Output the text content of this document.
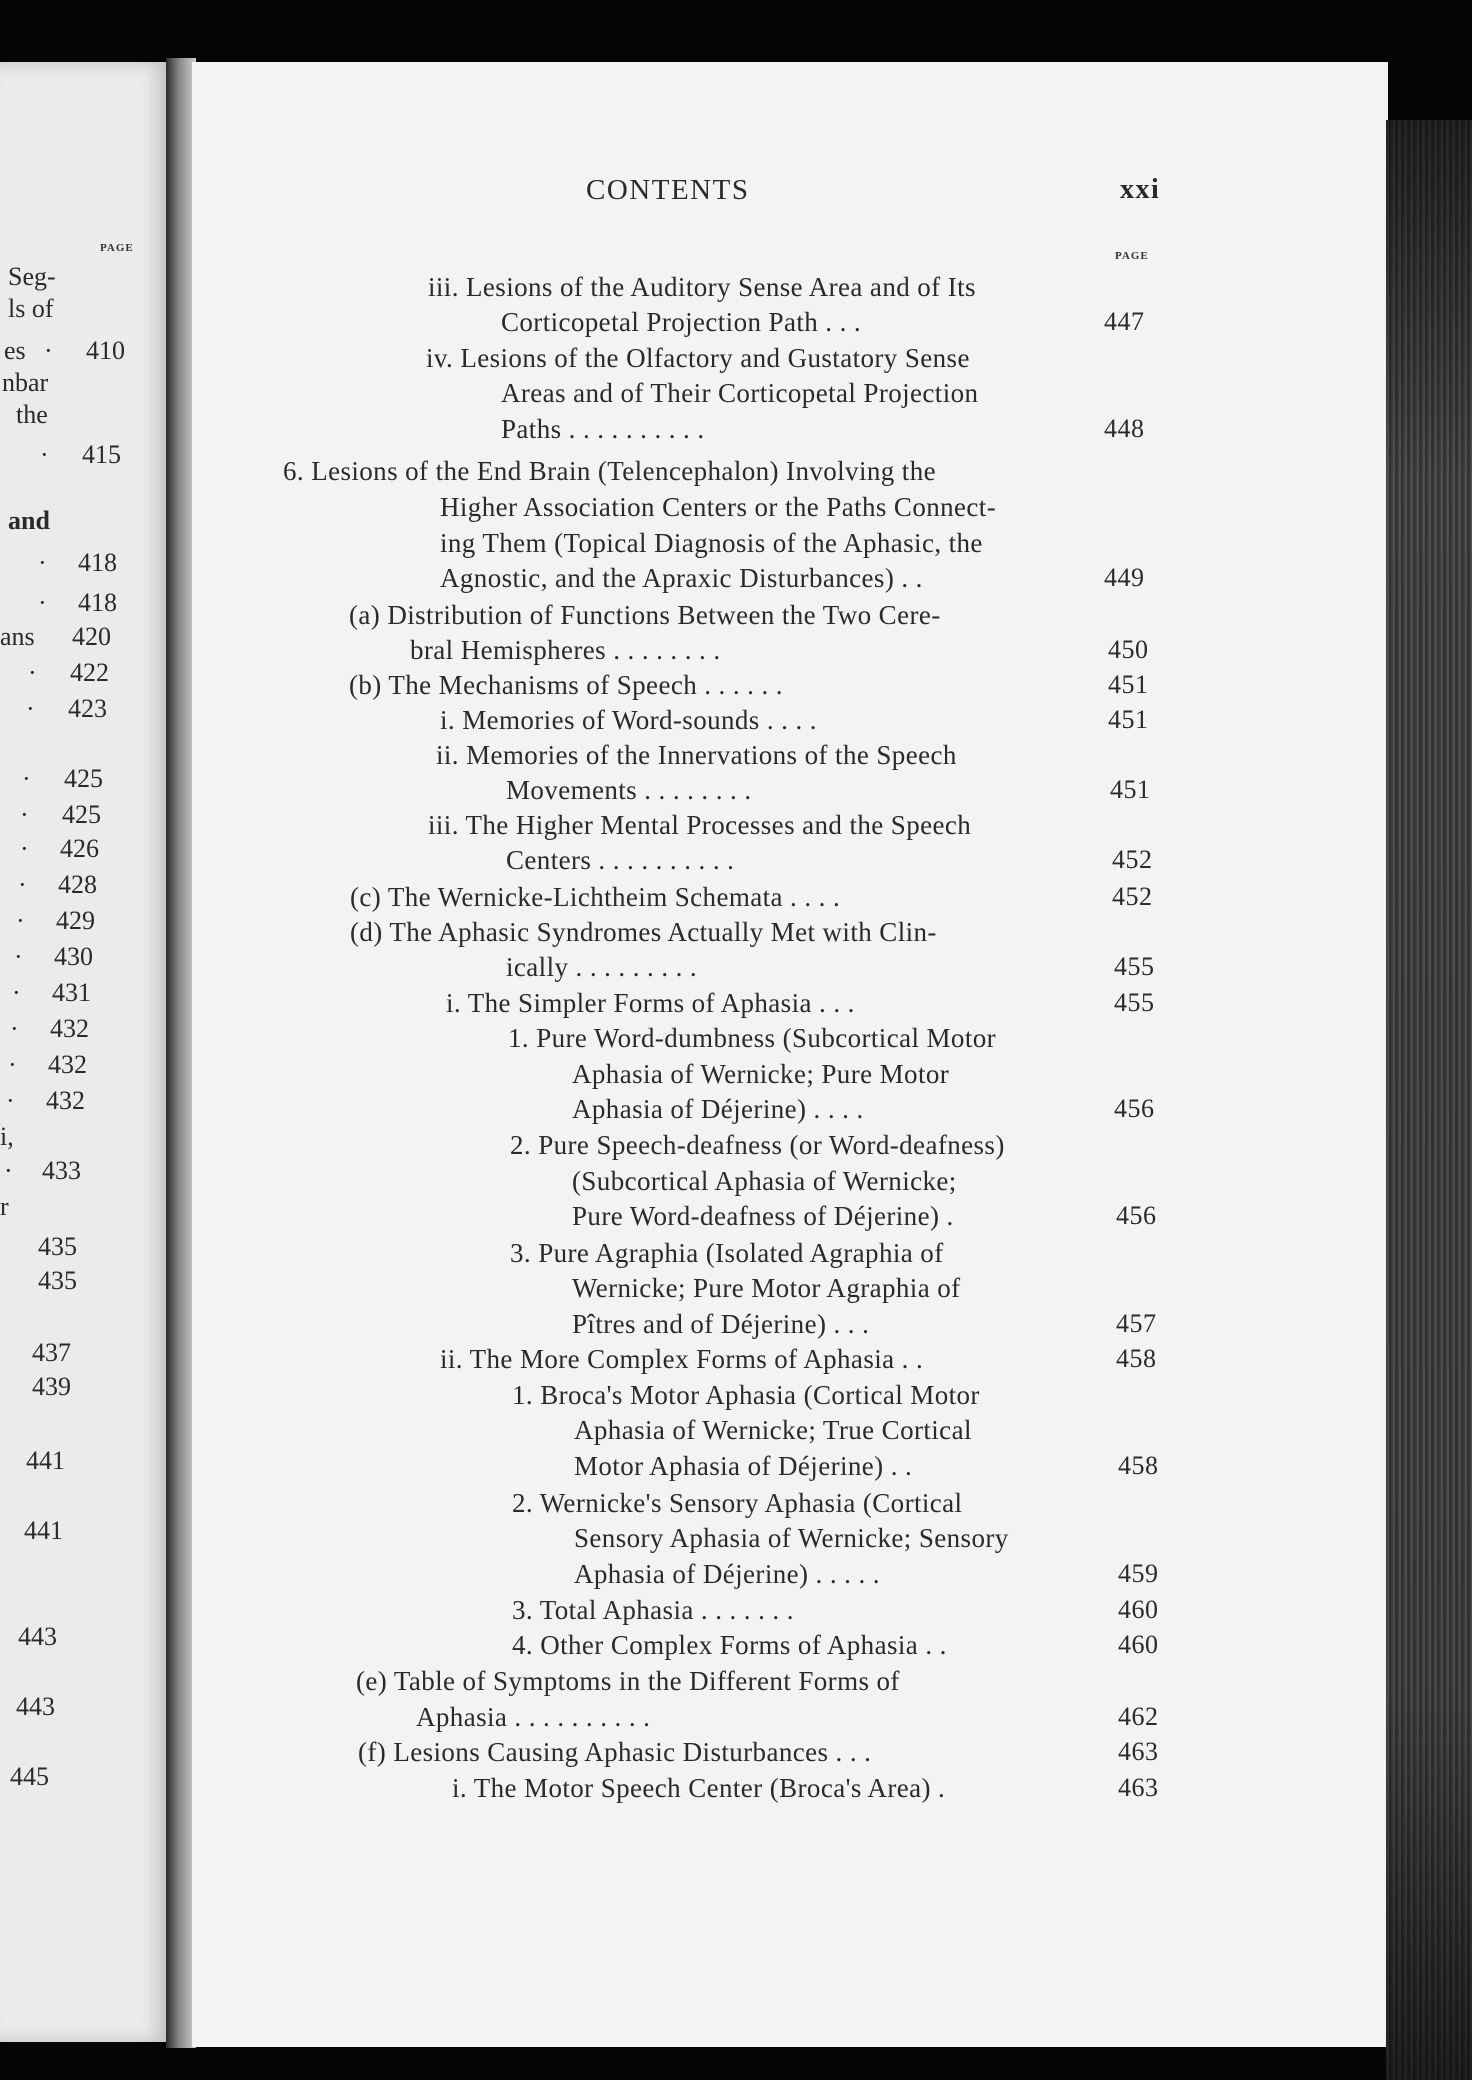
PAGE
Seg-
ls of
es · 410
nbar
the
· 415
and
· 418
· 418
ans 420
· 422
· 423
· 425
· 425
· 426
· 428
· 429
· 430
· 431
· 432
· 432
· 432
i,
· 433
r
435
435
437
439
441
441
443
443
445
CONTENTS	xxi
PAGE
iii. Lesions of the Auditory Sense Area and of Its
Corticopetal Projection Path . . .	447
iv. Lesions of the Olfactory and Gustatory Sense
Areas and of Their Corticopetal Projection
Paths . . . . . . . . . .	448
6. Lesions of the End Brain (Telencephalon) Involving the
Higher Association Centers or the Paths Connect-
ing Them (Topical Diagnosis of the Aphasic, the
Agnostic, and the Apraxic Disturbances) . .	449
(a) Distribution of Functions Between the Two Cere-
bral Hemispheres . . . . . . . .	450
(b) The Mechanisms of Speech . . . . . .	451
i. Memories of Word-sounds . . . .	451
ii. Memories of the Innervations of the Speech
Movements . . . . . . . .	451
iii. The Higher Mental Processes and the Speech
Centers . . . . . . . . . .	452
(c) The Wernicke-Lichtheim Schemata . . . .	452
(d) The Aphasic Syndromes Actually Met with Clin-
ically . . . . . . . . .	455
i. The Simpler Forms of Aphasia . . .	455
1. Pure Word-dumbness (Subcortical Motor
Aphasia of Wernicke; Pure Motor
Aphasia of Déjerine) . . . .	456
2. Pure Speech-deafness (or Word-deafness)
(Subcortical Aphasia of Wernicke;
Pure Word-deafness of Déjerine) .	456
3. Pure Agraphia (Isolated Agraphia of
Wernicke; Pure Motor Agraphia of
Pîtres and of Déjerine) . . .	457
ii. The More Complex Forms of Aphasia . .	458
1. Broca's Motor Aphasia (Cortical Motor
Aphasia of Wernicke; True Cortical
Motor Aphasia of Déjerine) . .	458
2. Wernicke's Sensory Aphasia (Cortical
Sensory Aphasia of Wernicke; Sensory
Aphasia of Déjerine) . . . . .	459
3. Total Aphasia . . . . . . .	460
4. Other Complex Forms of Aphasia . .	460
(e) Table of Symptoms in the Different Forms of
Aphasia . . . . . . . . . .	462
(f) Lesions Causing Aphasic Disturbances . . .	463
i. The Motor Speech Center (Broca's Area) .	463
